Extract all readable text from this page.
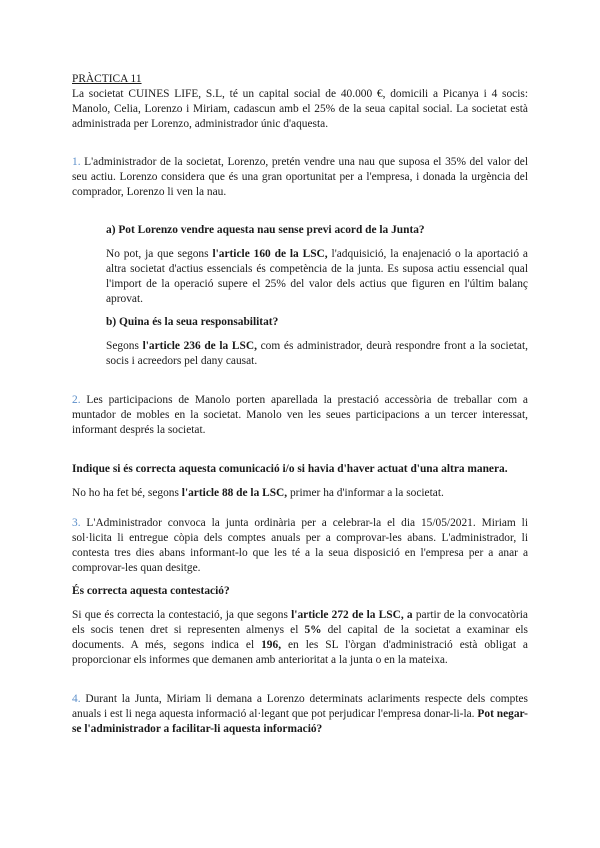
PRÀCTICA 11

La societat CUINES LIFE, S.L, té un capital social de 40.000 €, domicili a Picanya i 4 socis: Manolo, Celia, Lorenzo i Miriam, cadascun amb el 25% de la seua capital social. La societat està administrada per Lorenzo, administrador únic d'aquesta.

1. L'administrador de la societat, Lorenzo, pretén vendre una nau que suposa el 35% del valor del seu actiu. Lorenzo considera que és una gran oportunitat per a l'empresa, i donada la urgència del comprador, Lorenzo li ven la nau.

a) Pot Lorenzo vendre aquesta nau sense previ acord de la Junta?

No pot, ja que segons l'article 160 de la LSC, l'adquisició, la enajenació o la aportació a altra societat d'actius essencials és competència de la junta. Es suposa actiu essencial qual l'import de la operació supere el 25% del valor dels actius que figuren en l'últim balanç aprovat.

b) Quina és la seua responsabilitat?

Segons l'article 236 de la LSC, com és administrador, deurà respondre front a la societat, socis i acreedors pel dany causat.

2. Les participacions de Manolo porten aparellada la prestació accessòria de treballar com a muntador de mobles en la societat. Manolo ven les seues participacions a un tercer interessat, informant després la societat.

Indique si és correcta aquesta comunicació i/o si havia d'haver actuat d'una altra manera.

No ho ha fet bé, segons l'article 88 de la LSC, primer ha d'informar a la societat.

3. L'Administrador convoca la junta ordinària per a celebrar-la el dia 15/05/2021. Miriam li sol·licita li entregue còpia dels comptes anuals per a comprovar-les abans. L'administrador, li contesta tres dies abans informant-lo que les té a la seua disposició en l'empresa per a anar a comprovar-les quan desitge.

És correcta aquesta contestació?

Si que és correcta la contestació, ja que segons l'article 272 de la LSC, a partir de la convocatòria els socis tenen dret si representen almenys el 5% del capital de la societat a examinar els documents. A més, segons indica el 196, en les SL l'òrgan d'administració està obligat a proporcionar els informes que demanen amb anterioritat a la junta o en la mateixa.

4. Durant la Junta, Miriam li demana a Lorenzo determinats aclariments respecte dels comptes anuals i est li nega aquesta informació al·legant que pot perjudicar l'empresa donar-li-la. Pot negar-se l'administrador a facilitar-li aquesta informació?
